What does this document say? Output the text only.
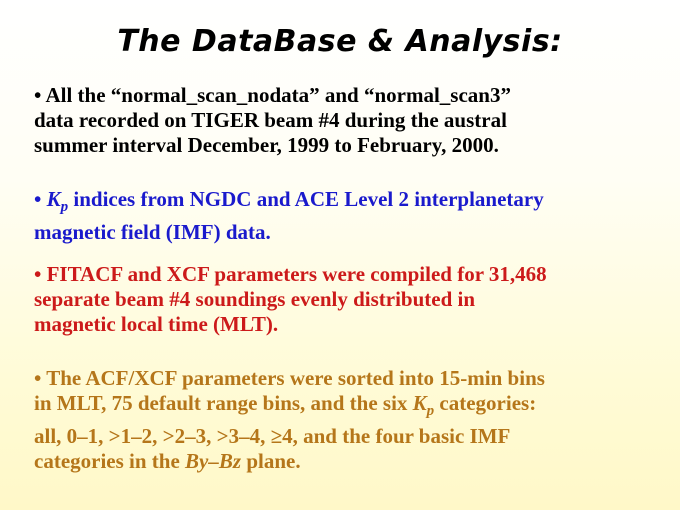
The DataBase & Analysis:
• All the “normal_scan_nodata” and “normal_scan3”
data recorded on TIGER beam #4 during the austral
summer interval December, 1999 to February, 2000.
• $K_p$ indices from NGDC and ACE Level 2 interplanetary
magnetic field (IMF) data.
• FITACF and XCF parameters were compiled for 31,468
separate beam #4 soundings evenly distributed in
magnetic local time (MLT).
• The ACF/XCF parameters were sorted into 15-min bins
in MLT, 75 default range bins, and the six $K_p$ categories:
all, 0–1, >1–2, >2–3, >3–4, ≥4, and the four basic IMF
categories in the By–Bz plane.
